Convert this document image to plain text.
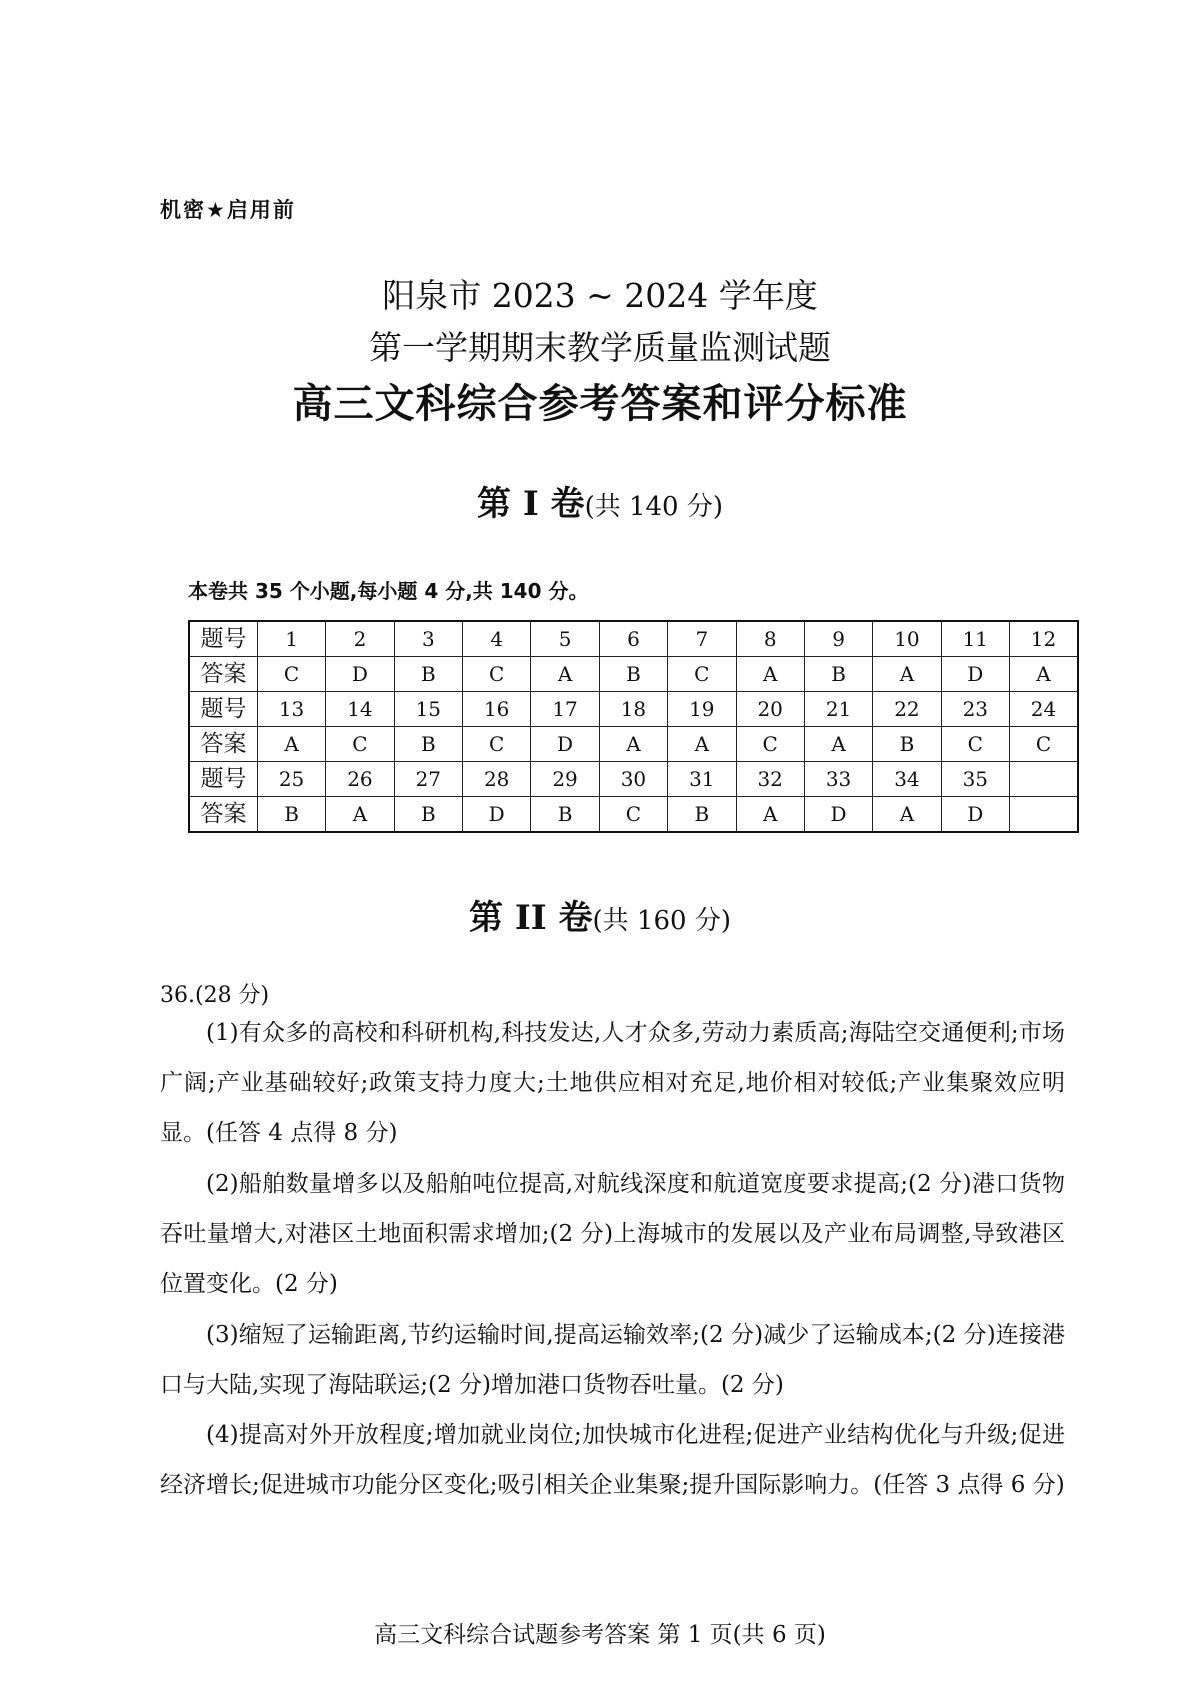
机密★启用前
阳泉市 2023 ~ 2024 学年度
第一学期期末教学质量监测试题
高三文科综合参考答案和评分标准
第 I 卷(共 140 分)
本卷共 35 个小题,每小题 4 分,共 140 分。
题号	1	2	3	4	5	6	7	8	9	10	11	12
答案	C	D	B	C	A	B	C	A	B	A	D	A
题号	13	14	15	16	17	18	19	20	21	22	23	24
答案	A	C	B	C	D	A	A	C	A	B	C	C
题号	25	26	27	28	29	30	31	32	33	34	35	
答案	B	A	B	D	B	C	B	A	D	A	D	
第 II 卷(共 160 分)
36.(28 分)
(1)有众多的高校和科研机构,科技发达,人才众多,劳动力素质高;海陆空交通便利;市场广阔;产业基础较好;政策支持力度大;土地供应相对充足,地价相对较低;产业集聚效应明显。(任答 4 点得 8 分)
(2)船舶数量增多以及船舶吨位提高,对航线深度和航道宽度要求提高;(2 分)港口货物吞吐量增大,对港区土地面积需求增加;(2 分)上海城市的发展以及产业布局调整,导致港区位置变化。(2 分)
(3)缩短了运输距离,节约运输时间,提高运输效率;(2 分)减少了运输成本;(2 分)连接港口与大陆,实现了海陆联运;(2 分)增加港口货物吞吐量。(2 分)
(4)提高对外开放程度;增加就业岗位;加快城市化进程;促进产业结构优化与升级;促进经济增长;促进城市功能分区变化;吸引相关企业集聚;提升国际影响力。(任答 3 点得 6 分)
高三文科综合试题参考答案 第 1 页(共 6 页)
